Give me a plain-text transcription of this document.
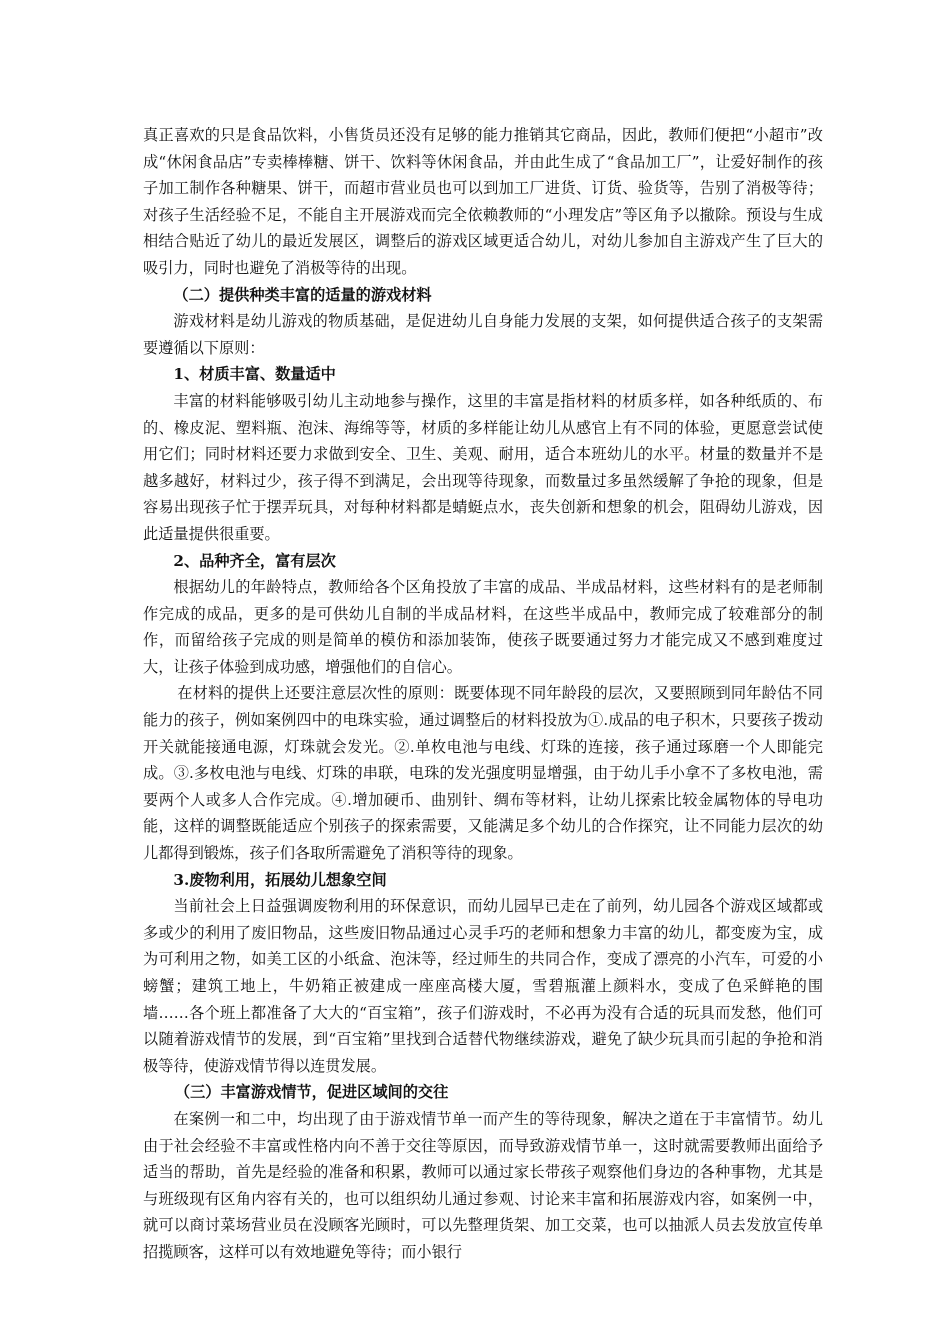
真正喜欢的只是食品饮料，小售货员还没有足够的能力推销其它商品，因此，教师们便把“小超市”改成“休闲食品店”专卖棒棒糖、饼干、饮料等休闲食品，并由此生成了“食品加工厂”，让爱好制作的孩子加工制作各种糖果、饼干，而超市营业员也可以到加工厂进货、订货、验货等，告别了消极等待；对孩子生活经验不足，不能自主开展游戏而完全依赖教师的“小理发店”等区角予以撤除。预设与生成相结合贴近了幼儿的最近发展区，调整后的游戏区域更适合幼儿，对幼儿参加自主游戏产生了巨大的吸引力，同时也避免了消极等待的出现。

（二）提供种类丰富的适量的游戏材料

游戏材料是幼儿游戏的物质基础，是促进幼儿自身能力发展的支架，如何提供适合孩子的支架需要遵循以下原则：

1、材质丰富、数量适中

丰富的材料能够吸引幼儿主动地参与操作，这里的丰富是指材料的材质多样，如各种纸质的、布的、橡皮泥、塑料瓶、泡沫、海绵等等，材质的多样能让幼儿从感官上有不同的体验，更愿意尝试使用它们；同时材料还要力求做到安全、卫生、美观、耐用，适合本班幼儿的水平。材量的数量并不是越多越好，材料过少，孩子得不到满足，会出现等待现象，而数量过多虽然缓解了争抢的现象，但是容易出现孩子忙于摆弄玩具，对每种材料都是蜻蜓点水，丧失创新和想象的机会，阻碍幼儿游戏，因此适量提供很重要。

2、品种齐全，富有层次

根据幼儿的年龄特点，教师给各个区角投放了丰富的成品、半成品材料，这些材料有的是老师制作完成的成品，更多的是可供幼儿自制的半成品材料，在这些半成品中，教师完成了较难部分的制作，而留给孩子完成的则是简单的模仿和添加装饰，使孩子既要通过努力才能完成又不感到难度过大，让孩子体验到成功感，增强他们的自信心。

在材料的提供上还要注意层次性的原则：既要体现不同年龄段的层次，又要照顾到同年龄估不同能力的孩子，例如案例四中的电珠实验，通过调整后的材料投放为①.成品的电子积木，只要孩子拨动开关就能接通电源，灯珠就会发光。②.单枚电池与电线、灯珠的连接，孩子通过琢磨一个人即能完成。③.多枚电池与电线、灯珠的串联，电珠的发光强度明显增强，由于幼儿手小拿不了多枚电池，需要两个人或多人合作完成。④.增加硬币、曲别针、绸布等材料，让幼儿探索比较金属物体的导电功能，这样的调整既能适应个别孩子的探索需要，又能满足多个幼儿的合作探究，让不同能力层次的幼儿都得到锻炼，孩子们各取所需避免了消积等待的现象。

3.废物利用，拓展幼儿想象空间

当前社会上日益强调废物利用的环保意识，而幼儿园早已走在了前列，幼儿园各个游戏区域都或多或少的利用了废旧物品，这些废旧物品通过心灵手巧的老师和想象力丰富的幼儿，都变废为宝，成为可利用之物，如美工区的小纸盒、泡沫等，经过师生的共同合作，变成了漂亮的小汽车，可爱的小螃蟹；建筑工地上，牛奶箱正被建成一座座高楼大厦，雪碧瓶灌上颜料水，变成了色采鲜艳的围墙……各个班上都准备了大大的“百宝箱”，孩子们游戏时，不必再为没有合适的玩具而发愁，他们可以随着游戏情节的发展，到“百宝箱”里找到合适替代物继续游戏，避免了缺少玩具而引起的争抢和消极等待，使游戏情节得以连贯发展。

（三）丰富游戏情节，促进区域间的交往

在案例一和二中，均出现了由于游戏情节单一而产生的等待现象，解决之道在于丰富情节。幼儿由于社会经验不丰富或性格内向不善于交往等原因，而导致游戏情节单一，这时就需要教师出面给予适当的帮助，首先是经验的准备和积累，教师可以通过家长带孩子观察他们身边的各种事物，尤其是与班级现有区角内容有关的，也可以组织幼儿通过参观、讨论来丰富和拓展游戏内容，如案例一中，就可以商讨菜场营业员在没顾客光顾时，可以先整理货架、加工交菜，也可以抽派人员去发放宣传单招揽顾客，这样可以有效地避免等待；而小银行
